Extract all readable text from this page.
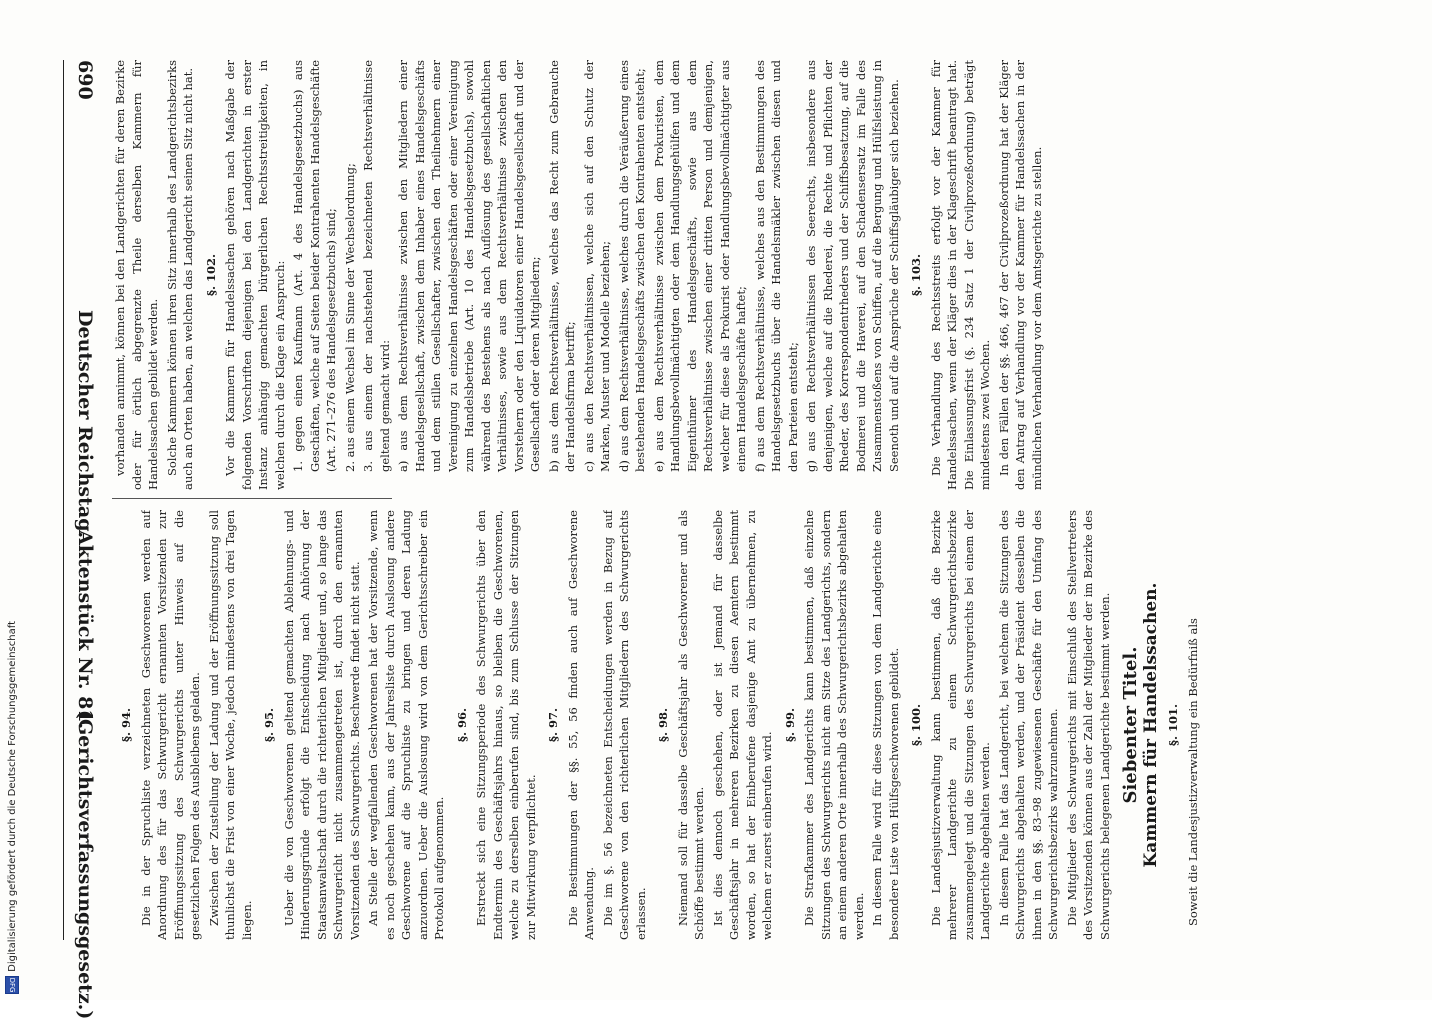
690
Deutscher Reichstag.
Aktenstück Nr. 81.
(Gerichtsverfassungsgesetz.) §. 94. Die in der Spruchliste verzeichneten Geschworenen werden auf Anordnung des für das Schwurgericht ernannten Vorsitzenden zur Eröffnungssitzung des Schwurgerichts unter Hinweis auf die gesetzlichen Folgen des Ausbleibens geladen. Zwischen der Zustellung der Ladung und der Eröffnungssitzung soll thunlichst die Frist von einer Woche, jedoch mindestens von drei Tagen liegen.

§. 95. Ueber die von Geschworenen geltend gemachten Ablehnungs- und Hinderungsgründe erfolgt die Entscheidung nach Anhörung der Staatsanwaltschaft durch die richterlichen Mitglieder und, so lange das Schwurgericht nicht zusammengetreten ist, durch den ernannten Vorsitzenden des Schwurgerichts. Beschwerde findet nicht statt. An Stelle der wegfallenden Geschworenen hat der Vorsitzende, wenn es noch geschehen kann, aus der Jahresliste durch Auslosung andere Geschworene auf die Spruchliste zu bringen und deren Ladung anzuordnen. Ueber die Auslosung wird von dem Gerichtsschreiber ein Protokoll aufgenommen.

§. 96. Erstreckt sich eine Sitzungsperiode des Schwurgerichts über den Endtermin des Geschäftsjahrs hinaus, so bleiben die Geschworenen, welche zu derselben einberufen sind, bis zum Schlusse der Sitzungen zur Mitwirkung verpflichtet.

§. 97. Die Bestimmungen der §§. 55, 56 finden auch auf Geschworene Anwendung. Die im §. 56 bezeichneten Entscheidungen werden in Bezug auf Geschworene von den richterlichen Mitgliedern des Schwurgerichts erlassen.

§. 98. Niemand soll für dasselbe Geschäftsjahr als Geschworener und als Schöffe bestimmt werden. Ist dies dennoch geschehen, oder ist Jemand für dasselbe Geschäftsjahr in mehreren Bezirken zu diesen Aemtern bestimmt worden, so hat der Einberufene dasjenige Amt zu übernehmen, zu welchem er zuerst einberufen wird.

§. 99. Die Strafkammer des Landgerichts kann bestimmen, daß einzelne Sitzungen des Schwurgerichts nicht am Sitze des Landgerichts, sondern an einem anderen Orte innerhalb des Schwurgerichtsbezirks abgehalten werden. In diesem Falle wird für diese Sitzungen von dem Landgerichte eine besondere Liste von Hülfsgeschworenen gebildet. §. 100. Die Landesjustizverwaltung kann bestimmen, daß die Bezirke mehrerer Landgerichte zu einem Schwurgerichtsbezirke zusammengelegt und die Sitzungen des Schwurgerichts bei einem der Landgerichte abgehalten werden. In diesem Falle hat das Landgericht, bei welchem die Sitzungen des Schwurgerichts abgehalten werden, und der Präsident desselben die ihnen in den §§. 83–98 zugewiesenen Geschäfte für den Umfang des Schwurgerichtsbezirks wahrzunehmen. Die Mitglieder des Schwurgerichts mit Einschluß des Stellvertreters des Vorsitzenden können aus der Zahl der Mitglieder der im Bezirke des Schwurgerichts belegenen Landgerichte bestimmt werden. Siebenter Titel. Kammern für Handelssachen. §. 101. Soweit die Landesjustizverwaltung ein Bedürfniß als

vorhanden annimmt, können bei den Landgerichten für deren Bezirke oder für örtlich abgegrenzte Theile derselben Kammern für Handelssachen gebildet werden. Solche Kammern können ihren Sitz innerhalb des Landgerichtsbezirks auch an Orten haben, an welchen das Landgericht seinen Sitz nicht hat. §. 102. Vor die Kammern für Handelssachen gehören nach Maßgabe der folgenden Vorschriften diejenigen bei den Landgerichten in erster Instanz anhängig gemachten bürgerlichen Rechtsstreitigkeiten, in welchen durch die Klage ein Anspruch: 1. gegen einen Kaufmann (Art. 4 des Handelsgesetzbuchs) aus Geschäften, welche auf Seiten beider Kontrahenten Handelsgeschäfte (Art. 271–276 des Handelsgesetzbuchs) sind; 2. aus einem Wechsel im Sinne der Wechselordnung; 3. aus einem der nachstehend bezeichneten Rechtsverhältnisse geltend gemacht wird: a) aus dem Rechtsverhältnisse zwischen den Mitgliedern einer Handelsgesellschaft, zwischen dem Inhaber eines Handelsgeschäfts und dem stillen Gesellschafter, zwischen den Theilnehmern einer Vereinigung zu einzelnen Handelsgeschäften oder einer Vereinigung zum Handelsbetriebe (Art. 10 des Handelsgesetzbuchs), sowohl während des Bestehens als nach Auflösung des gesellschaftlichen Verhältnisses, sowie aus dem Rechtsverhältnisse zwischen den Vorstehern oder den Liquidatoren einer Handelsgesellschaft und der Gesellschaft oder deren Mitgliedern; b) aus dem Rechtsverhältnisse, welches das Recht zum Gebrauche der Handelsfirma betrifft; c) aus den Rechtsverhältnissen, welche sich auf den Schutz der Marken, Muster und Modelle beziehen; d) aus dem Rechtsverhältnisse, welches durch die Veräußerung eines bestehenden Handelsgeschäfts zwischen den Kontrahenten entsteht; e) aus dem Rechtsverhältnisse zwischen dem Prokuristen, dem Handlungsbevollmächtigten oder dem Handlungsgehülfen und dem Eigenthümer des Handelsgeschäfts, sowie aus dem Rechtsverhältnisse zwischen einer dritten Person und demjenigen, welcher für diese als Prokurist oder Handlungsbevollmächtigter aus einem Handelsgeschäfte haftet; f) aus dem Rechtsverhältnisse, welches aus den Bestimmungen des Handelsgesetzbuchs über die Handelsmäkler zwischen diesen und den Parteien entsteht; g) aus den Rechtsverhältnissen des Seerechts, insbesondere aus denjenigen, welche auf die Rhederei, die Rechte und Pflichten der Rheder, des Korrespondentrheders und der Schiffsbesatzung, auf die Bodmerei und die Haverei, auf den Schadensersatz im Falle des Zusammenstoßens von Schiffen, auf die Bergung und Hülfsleistung in Seenoth und auf die Ansprüche der Schiffsgläubiger sich beziehen. §. 103. Die Verhandlung des Rechtsstreits erfolgt vor der Kammer für Handelssachen, wenn der Kläger dies in der Klageschrift beantragt hat. Die Einlassungsfrist (§. 234 Satz 1 der Civilprozeßordnung) beträgt mindestens zwei Wochen. In den Fällen der §§. 466, 467 der Civilprozeßordnung hat der Kläger den Antrag auf Verhandlung vor der Kammer für Handelssachen in der mündlichen Verhandlung vor dem Amtsgerichte zu stellen.

Digitalisierung gefördert durch die Deutsche Forschungsgemeinschaft
DFG
